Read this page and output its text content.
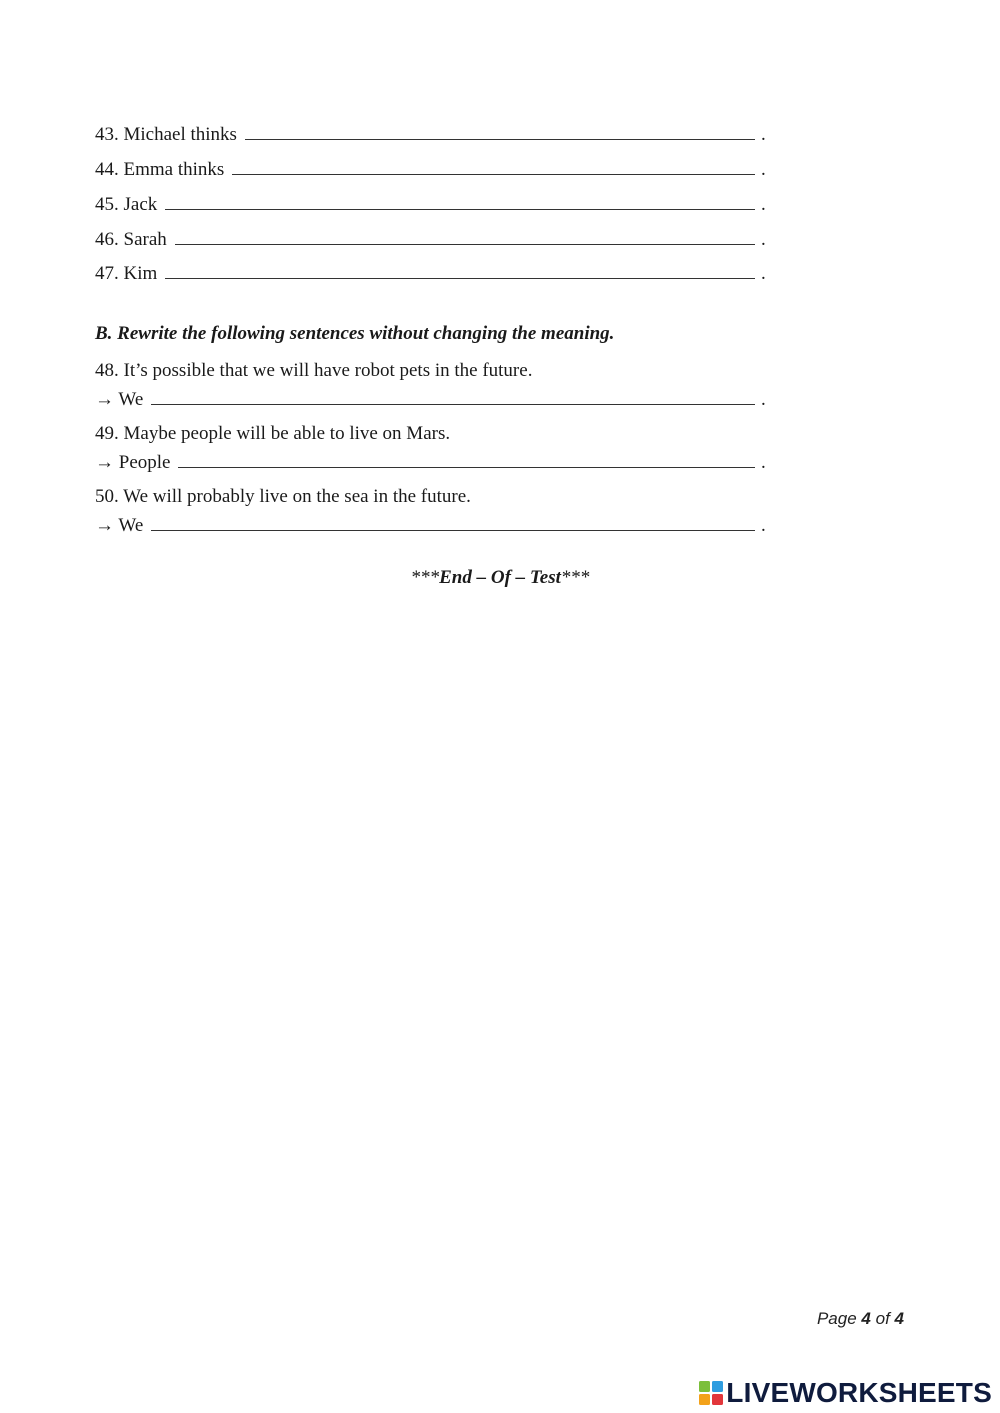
43. Michael thinks	.
44. Emma thinks	.
45. Jack	.
46. Sarah	.
47. Kim	.
B. Rewrite the following sentences without changing the meaning.
48. It’s possible that we will have robot pets in the future.
→ We	.
49. Maybe people will be able to live on Mars.
→ People	.
50. We will probably live on the sea in the future.
→ We	.
***End – Of – Test***
Page 4 of 4
LIVEWORKSHEETS
